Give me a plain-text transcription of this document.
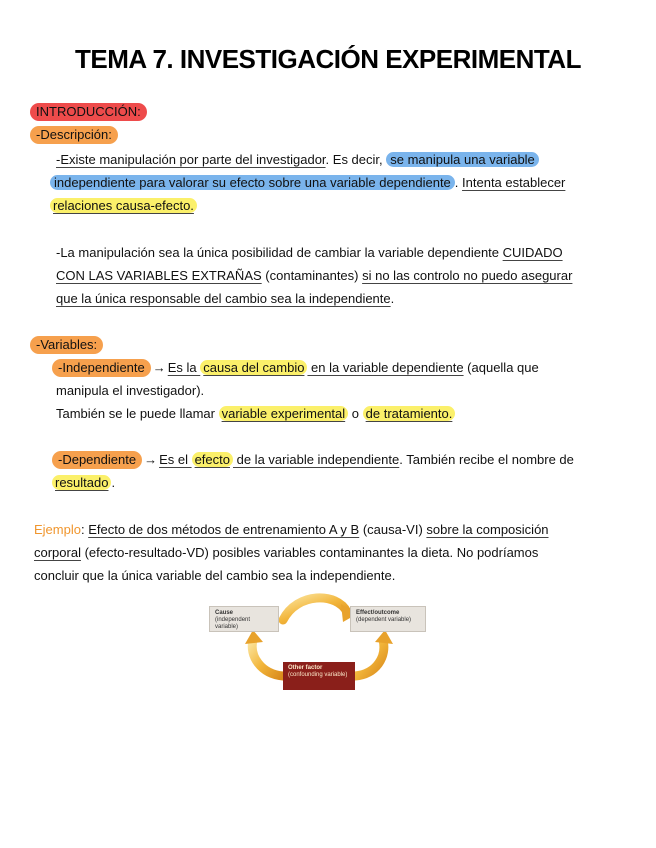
TEMA 7. INVESTIGACIÓN EXPERIMENTAL
INTRODUCCIÓN:
-Descripción:
-Existe manipulación por parte del investigador. Es decir, se manipula una variable
independiente para valorar su efecto sobre una variable dependiente . Intenta establecer
relaciones causa-efecto.
-La manipulación sea la única posibilidad de cambiar la variable dependiente CUIDADO
CON LAS VARIABLES EXTRAÑAS (contaminantes) si no las controlo no puedo asegurar
que la única responsable del cambio sea la independiente.
-Variables:
-Independiente → Es la causa del cambio en la variable dependiente (aquella que
manipula el investigador).
También se le puede llamar variable experimental o de tratamiento.
-Dependiente → Es el efecto de la variable independiente. También recibe el nombre de
resultado .
Ejemplo: Efecto de dos métodos de entrenamiento A y B (causa-VI) sobre la composición
corporal (efecto-resultado-VD) posibles variables contaminantes la dieta. No podríamos
concluir que la única variable del cambio sea la independiente.
Cause
(independent variable)
Effect/outcome
(dependent variable)
Other factor
(confounding variable)
